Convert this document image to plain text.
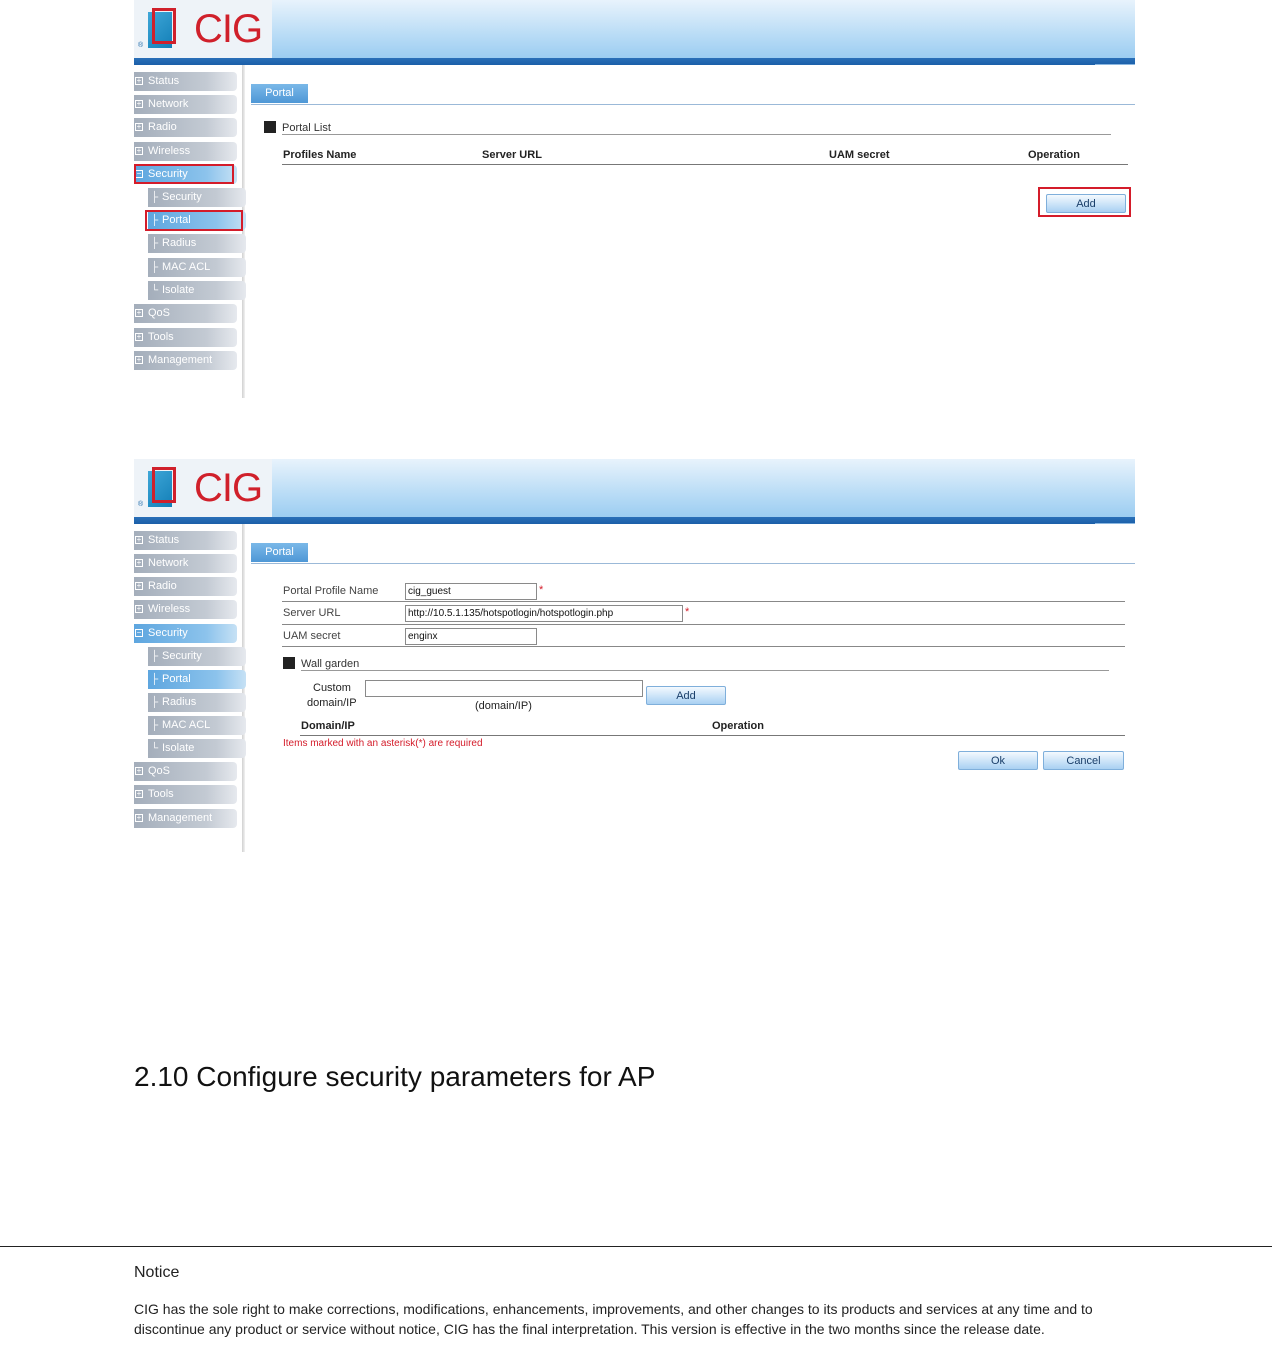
CIG
®
+ Status
+ Network
+ Radio
+ Wireless
− Security
├ Security
├ Portal
├ Radius
├ MAC ACL
└ Isolate
+ QoS
+ Tools
+ Management
Portal
Portal List
Profiles Name	Server URL	UAM secret	Operation
Add
CIG
®
+ Status
+ Network
+ Radio
+ Wireless
− Security
├ Security
├ Portal
├ Radius
├ MAC ACL
└ Isolate
+ QoS
+ Tools
+ Management
Portal
Portal Profile Name	cig_guest	*
Server URL	http://10.5.1.135/hotspotlogin/hotspotlogin.php	*
UAM secret	enginx
Wall garden
Custom
domain/IP	(domain/IP)
Add
Domain/IP	Operation
Items marked with an asterisk(*) are required
Ok	Cancel
2.10 Configure security parameters for AP
Notice
CIG has the sole right to make corrections, modifications, enhancements, improvements, and other changes to its products and services at any time and to discontinue any product or service without notice, CIG has the final interpretation. This version is effective in the two months since the release date.
